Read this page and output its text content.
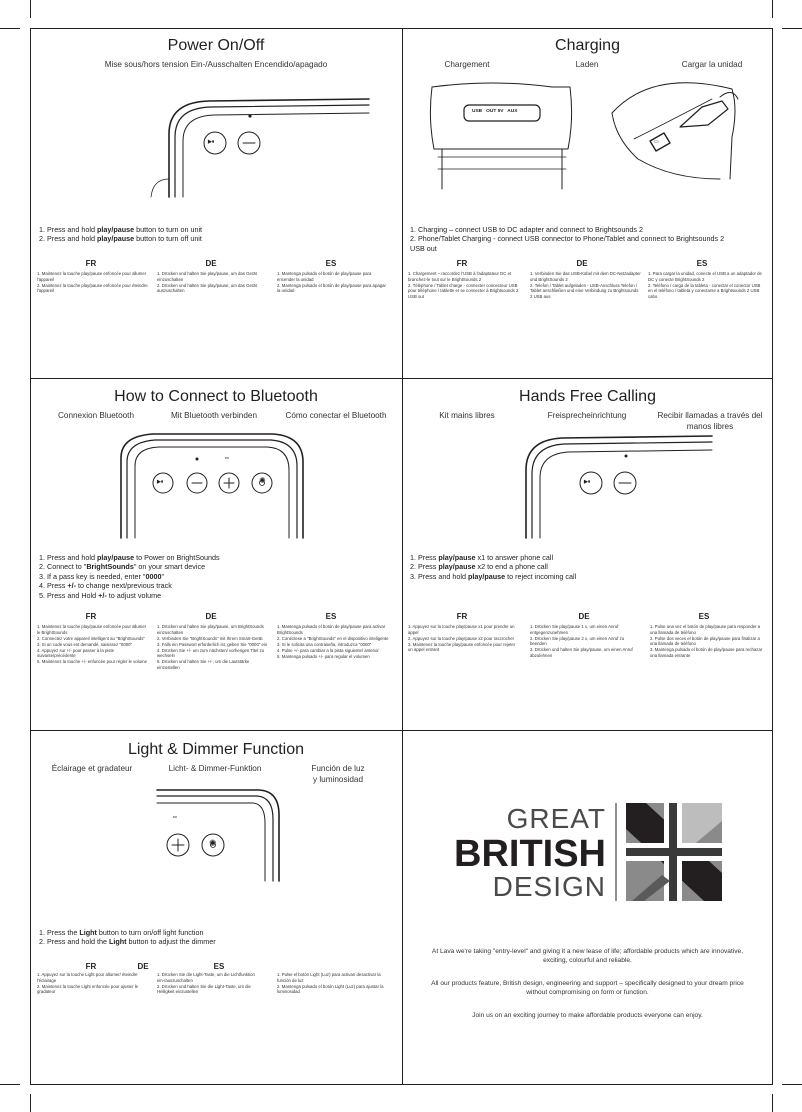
Power On/Off
Mise sous/hors tension Ein-/Ausschalten Encendido/apagado
▶⏸
1. Press and hold play/pause button to turn on unit
2. Press and hold play/pause button to turn off unit
FR	DE	ES
1. Maintenez la touche play/pause enfoncée pour allumer l'appareil
2. Maintenez la touche play/pause enfoncée pour éteindre l'appareil
1. Drücken und halten Sie play/pause, um das Gerät einzuschalten
2. Drücken und halten Sie play/pause, um das Gerät auszuschalten
1. Mantenga pulsado el botón de play/pause para encender la unidad
2. Mantenga pulsado el botón de play/pause para apagar la unidad
Charging
Chargement	Laden	Cargar la unidad
USB   OUT 5V   AUX
▭
1. Charging – connect USB to DC adapter and connect to Brightsounds 2
2. Phone/Tablet Charging - connect USB connector to Phone/Tablet and connect to Brightsounds 2
USB out
FR	DE	ES
1. Chargement – raccordez l'USB à l'adaptateur DC et branchez-le tout sur le BrightSounds 2
2. Téléphone / Tablet charge - connecter connecteur USB pour téléphone / tablette et se connecter à Brightsounds 2 USB out
1. Verbinden Sie das USB-Kabel mit dem DC-Netzadapter und BrightSounds 2
2. Telefon / Tablet aufgeladen - USB-Anschluss Telefon / Tablet anschließen und eine Verbindung zu Brightsounds 2 USB aus
1. Para cargar la unidad, conecte el USB a un adaptador de DC y conecte BrightSounds 2
2. Teléfono / carga de la tableta - conectar el conector USB en el teléfono / tableta y conectarse a Brightsounds 2 USB cabo
How to Connect to Bluetooth
Connexion Bluetooth	Mit Bluetooth verbinden	Cómo conectar el Bluetooth
▶⏸	✺
▭
1. Press and hold play/pause to Power on BrightSounds
2. Connect to "BrightSounds" on your smart device
3. If a pass key is needed, enter "0000"
4. Press +/- to change next/previous track
5. Press and Hold +/- to adjust volume
FR	DE	ES
1. Maintenez la touche play/pause enfoncée pour allumer le BrightSounds
2. Connectez votre appareil intelligent au "BrightSounds"
3. Si un code vous est demandé, saisissez "0000"
4. Appuyez sur +/- pour passer à la piste suivante/précédente
5. Maintenez la touche +/- enfoncée pour régler le volume
1. Drücken und halten Sie play/pause, um BrightSounds einzuschalten
2. Verbinden Sie "BrightSounds" mit Ihrem Smart-Gerät
3. Falls ein Passwort erforderlich ist, geben Sie "0000" ein
4. Drücken Sie +/- um zum nächsten/ vorherigen Titel zu wechseln
5. Drücken und halten Sie +/-, um die Lautstärke einzustellen
1. Mantenga pulsado el botón de play/pause para activar BrightSounds
2. Conéctese a "BrightSounds" en el dispositivo inteligente
3. Si le solicita una contraseña, introduzca "0000"
4. Pulse +/- para cambiar a la pista siguiente/ anterior
5. Mantenga pulsado +/- para regular el volumen
Hands Free Calling
Kit mains libres	Freisprecheinrichtung	Recibir llamadas a través del
manos libres
▶⏸
1. Press play/pause x1 to answer phone call
2. Press play/pause x2 to end a phone call
3. Press and hold play/pause to reject incoming call
FR	DE	ES
1. Appuyez sur la touche play/pause x1 pour prendre un appel
2. Appuyez sur la touche play/pause x2 pour raccrocher
3. Maintenez la touche play/pause enfoncée pour rejeter un appel entrant
1. Drücken Sie play/pause 1 x, um einen Anruf entgegenzunehmen
2. Drücken Sie play/pause 2 x, um einen Anruf zu beenden
3. Drücken und halten Sie play/pause, um einen Anruf abzulehnen
1. Pulse una vez el botón de play/pause para responder a una llamada de teléfono
2. Pulse dos veces el botón de play/pause para finalizar a una llamada de teléfono
3. Mantenga pulsado el botón de play/pause para rechazar una llamada entrante
Light & Dimmer Function
Éclairage et gradateur	Licht- & Dimmer-Funktion	Función de luz
y luminosidad
✺
▭
1. Press the Light button to turn on/off light function
2. Press and hold the Light button to adjust the dimmer
FR	DE	ES
1. Appuyez sur la touche Light pour allumer/ éteindre l'éclairage
2. Maintenez la touche Light enfoncée pour ajuster le gradateur
1. Drücken Sie die Light-Taste, um die Lichtfunktion ein-/auszuschalten
2. Drücken und halten Sie die Light-Taste, um die Helligkeit einzustellen
1. Pulse el botón Light (Luz) para activar/ desactivar la función de luz
2. Mantenga pulsado el botón Light (Luz) para ajustar la luminosidad
GREAT
BRITISH
DESIGN
At Lava we're taking "entry-level" and giving it a new lease of life; affordable products which are innovative, exciting, colourful and reliable.
All our products feature, British design, engineering and support – specifically designed to your dream price without compromising on form or function.
Join us on an exciting journey to make affordable products everyone can enjoy.
